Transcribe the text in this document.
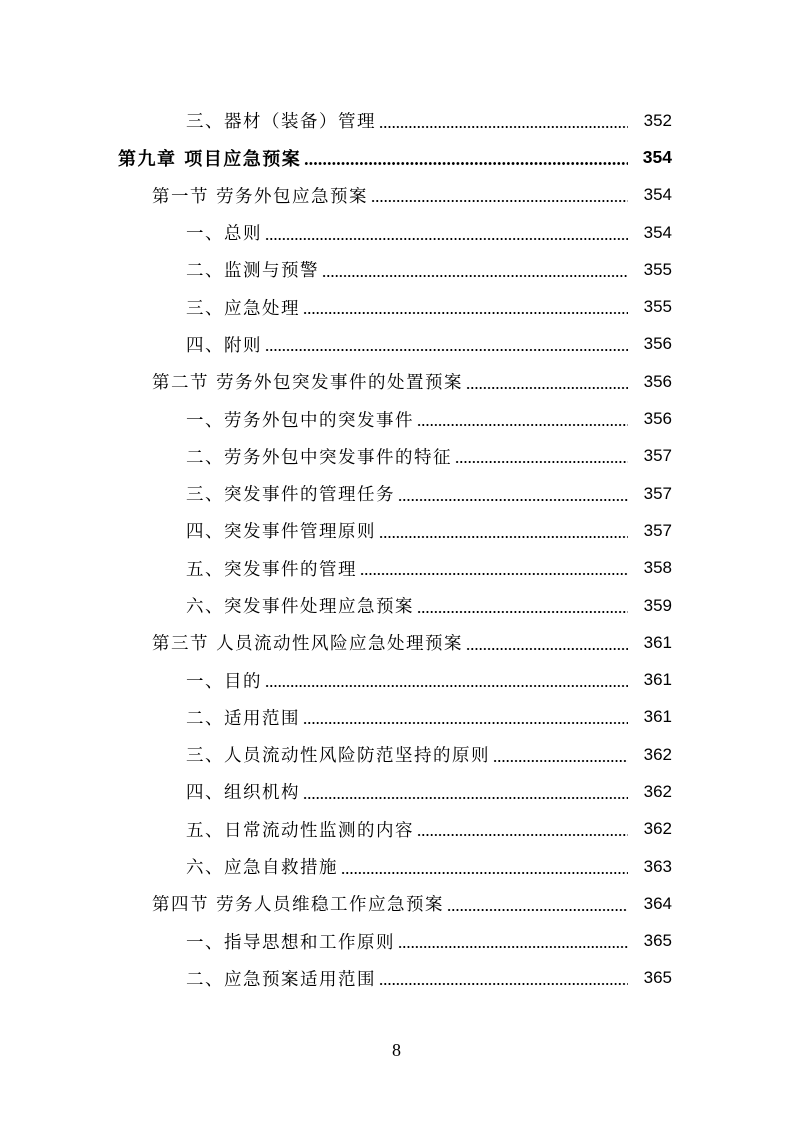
三、器材（装备）管理	352
第九章 项目应急预案	354
第一节 劳务外包应急预案	354
一、总则	354
二、监测与预警	355
三、应急处理	355
四、附则	356
第二节 劳务外包突发事件的处置预案	356
一、劳务外包中的突发事件	356
二、劳务外包中突发事件的特征	357
三、突发事件的管理任务	357
四、突发事件管理原则	357
五、突发事件的管理	358
六、突发事件处理应急预案	359
第三节 人员流动性风险应急处理预案	361
一、目的	361
二、适用范围	361
三、人员流动性风险防范坚持的原则	362
四、组织机构	362
五、日常流动性监测的内容	362
六、应急自救措施	363
第四节 劳务人员维稳工作应急预案	364
一、指导思想和工作原则	365
二、应急预案适用范围	365
8
